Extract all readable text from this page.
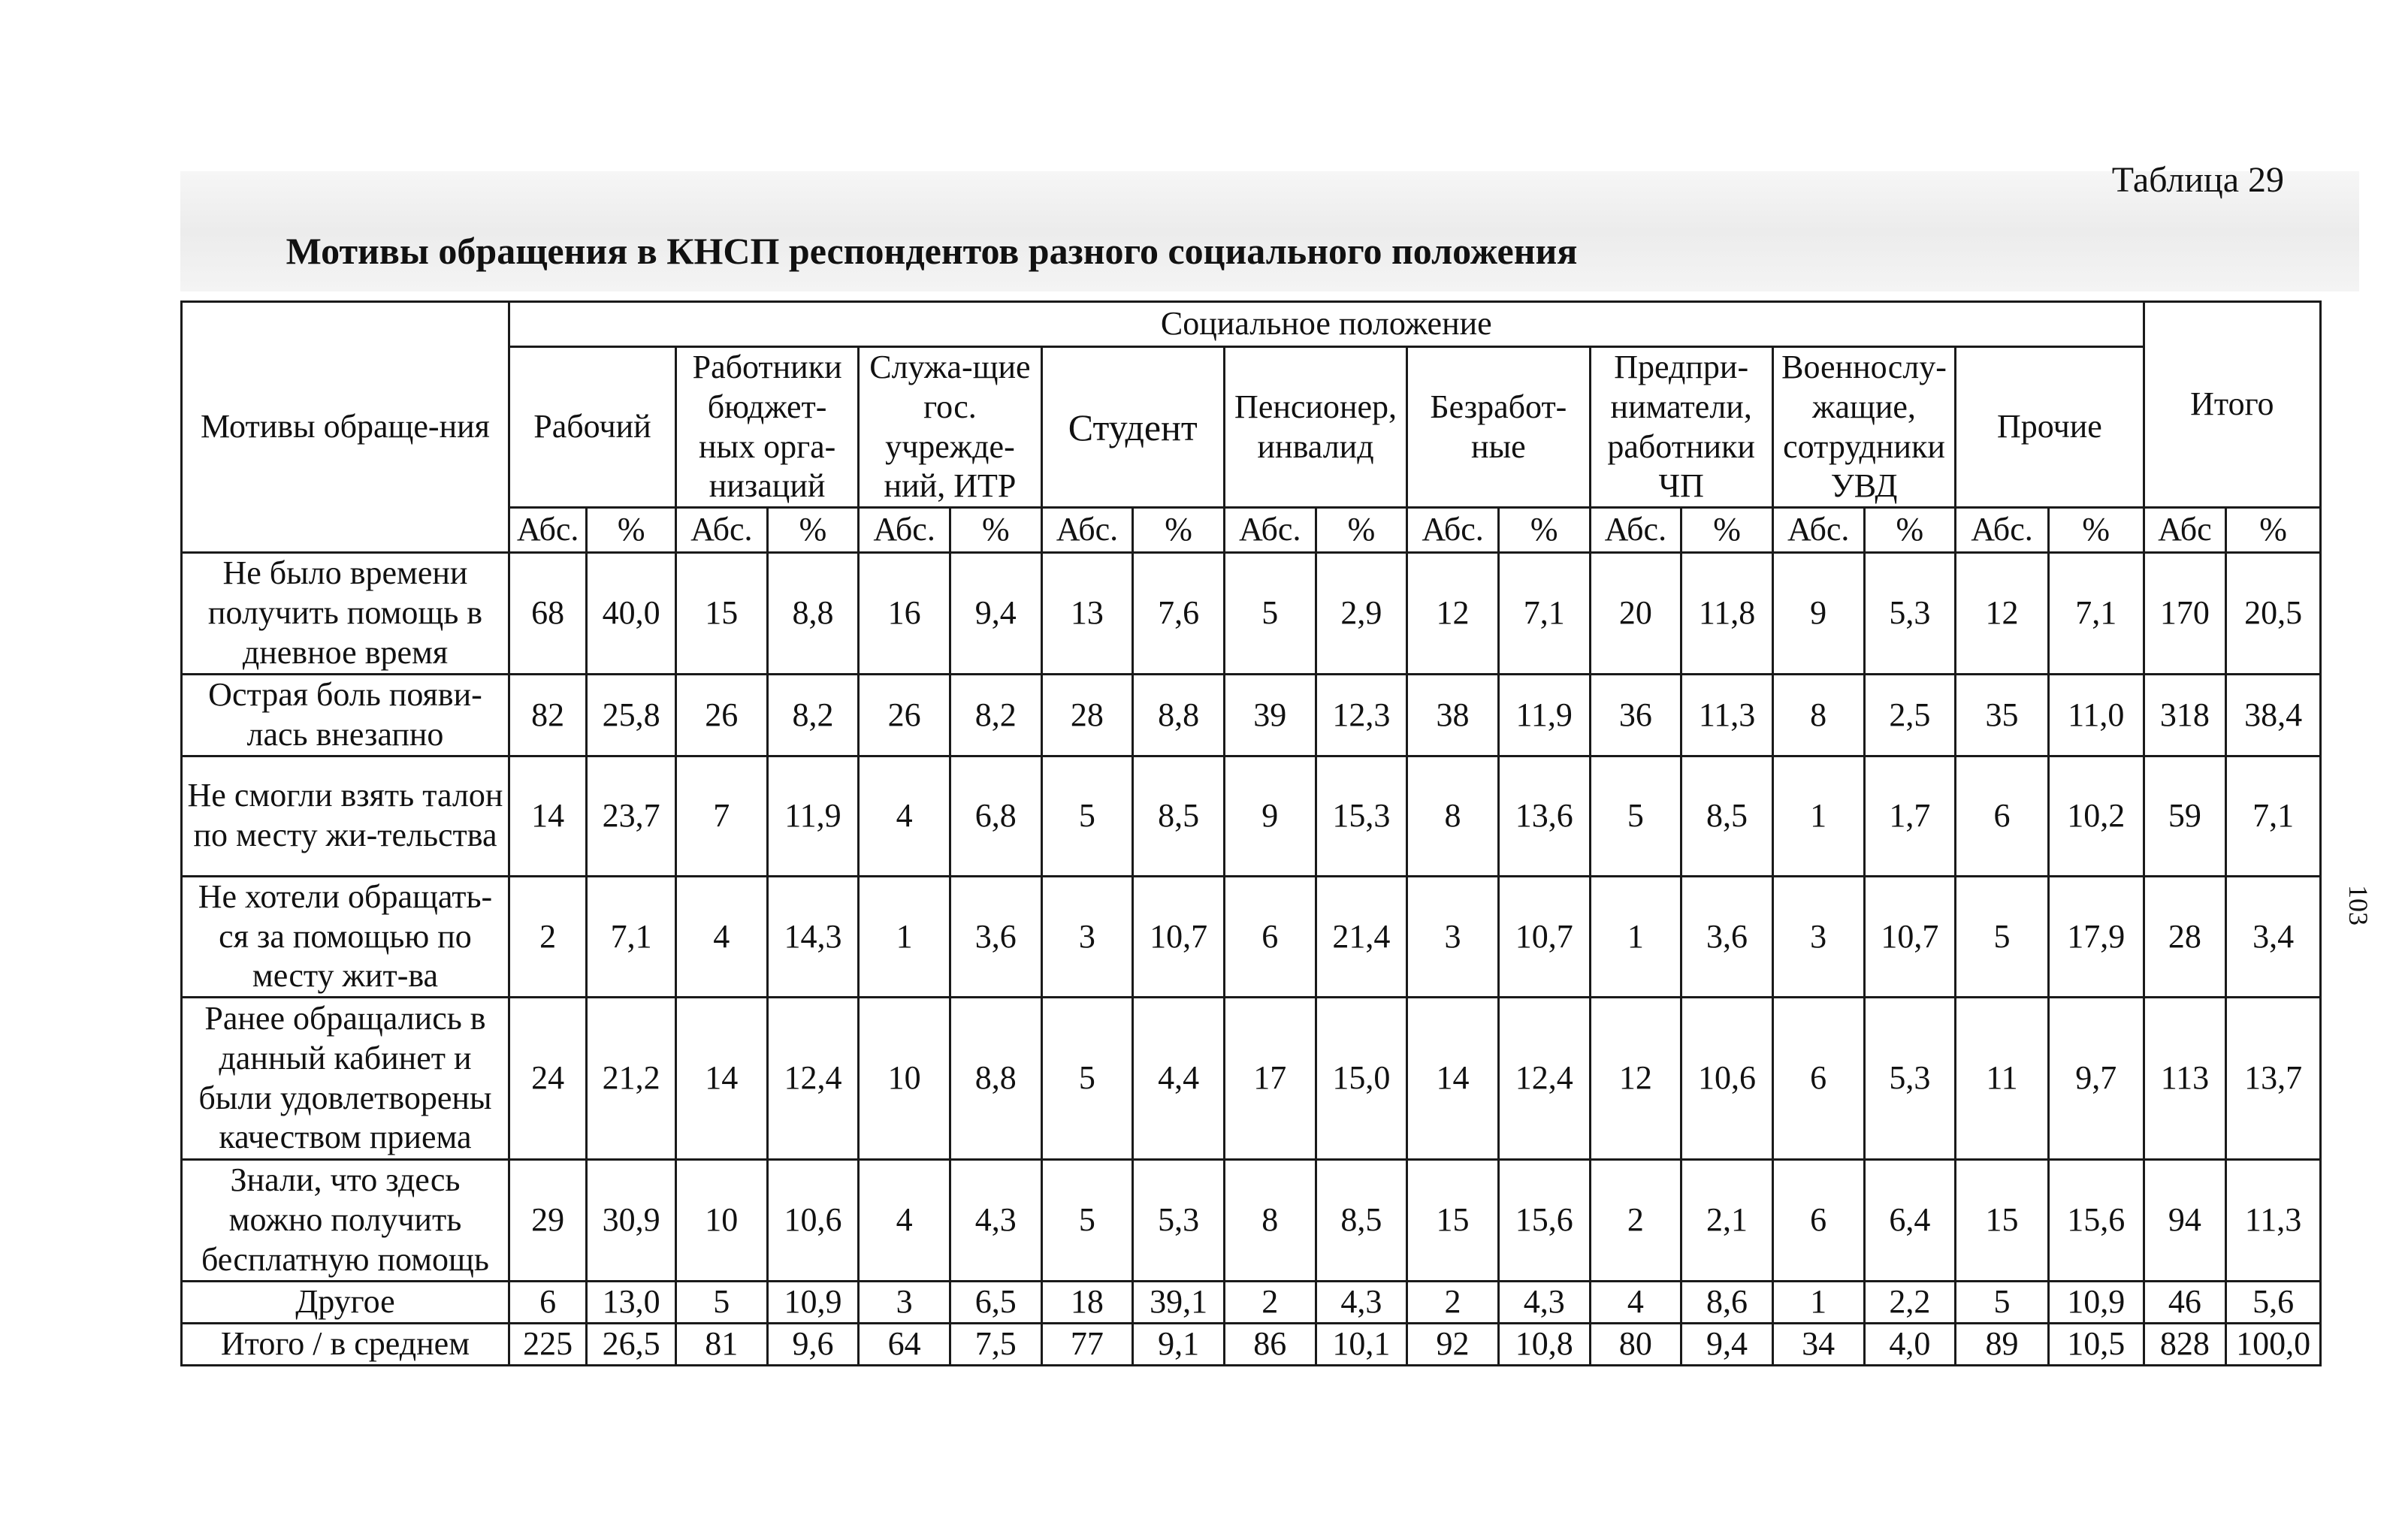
Таблица 29
Мотивы обращения в КНСП респондентов разного социального положения
103
Мотивы обраще-ния	Социальное положение																		Итого	
	Рабочий		Работники бюджет-ных орга-низаций		Служа-щие гос. учрежде-ний, ИТР		Студент		Пенсионер, инвалид		Безработ-ные		Предпри-ниматели, работники ЧП		Военнослу-жащие, сотрудники УВД		Прочие			
	Абс.	%	Абс.	%	Абс.	%	Абс.	%	Абс.	%	Абс.	%	Абс.	%	Абс.	%	Абс.	%	Абс	%
Не было времени получить помощь в дневное время	68	40,0	15	8,8	16	9,4	13	7,6	5	2,9	12	7,1	20	11,8	9	5,3	12	7,1	170	20,5
Острая боль появи-лась внезапно	82	25,8	26	8,2	26	8,2	28	8,8	39	12,3	38	11,9	36	11,3	8	2,5	35	11,0	318	38,4
Не смогли взять талон по месту жи-тельства	14	23,7	7	11,9	4	6,8	5	8,5	9	15,3	8	13,6	5	8,5	1	1,7	6	10,2	59	7,1
Не хотели обращать-ся за помощью по месту жит-ва	2	7,1	4	14,3	1	3,6	3	10,7	6	21,4	3	10,7	1	3,6	3	10,7	5	17,9	28	3,4
Ранее обращались в данный кабинет и были удовлетворены качеством приема	24	21,2	14	12,4	10	8,8	5	4,4	17	15,0	14	12,4	12	10,6	6	5,3	11	9,7	113	13,7
Знали, что здесь можно получить бесплатную помощь	29	30,9	10	10,6	4	4,3	5	5,3	8	8,5	15	15,6	2	2,1	6	6,4	15	15,6	94	11,3
Другое	6	13,0	5	10,9	3	6,5	18	39,1	2	4,3	2	4,3	4	8,6	1	2,2	5	10,9	46	5,6
Итого / в среднем	225	26,5	81	9,6	64	7,5	77	9,1	86	10,1	92	10,8	80	9,4	34	4,0	89	10,5	828	100,0
